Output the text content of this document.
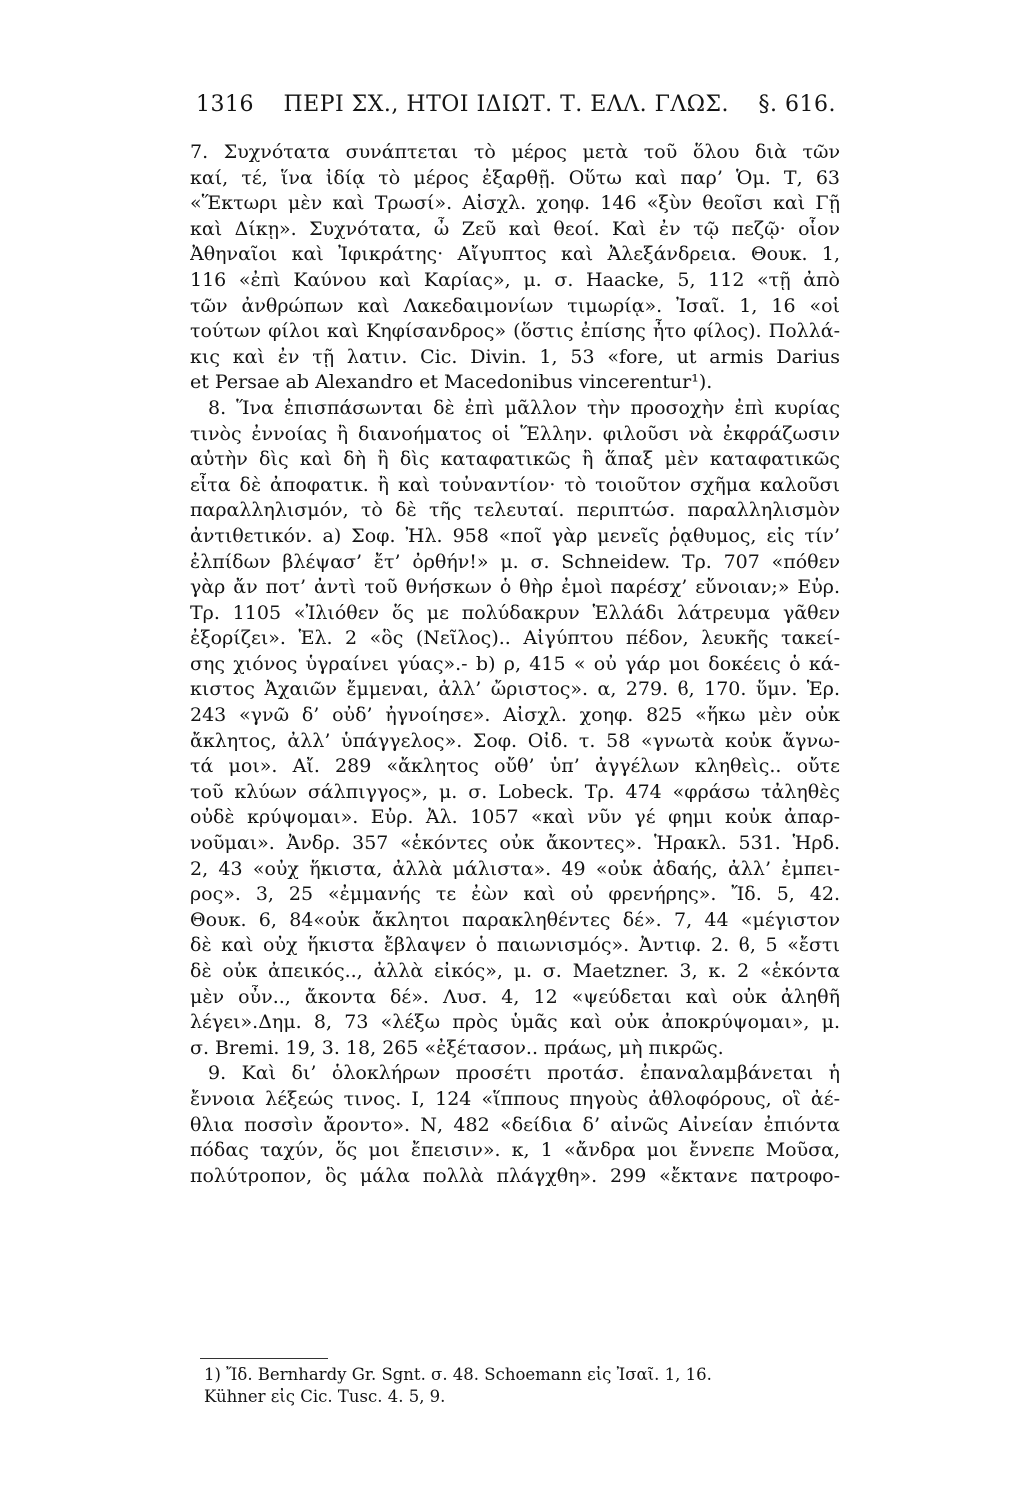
1316 ΠΕΡΙ ΣΧ., ΗΤΟΙ ΙΔΙΩΤ. Τ. ΕΛΛ. ΓΛΩΣ. §. 616.
7. Συχνότατα συνάπτεται τὸ μέρος μετὰ τοῦ ὅλου διὰ τῶν
καί, τέ, ἵνα ἰδίᾳ τὸ μέρος ἐξαρθῇ. Οὕτω καὶ παρ’ Ὁμ. Τ, 63
«Ἕκτωρι μὲν καὶ Τρωσί». Αἰσχλ. χοηφ. 146 «ξὺν θεοῖσι καὶ Γῇ
καὶ Δίκῃ». Συχνότατα, ὦ Ζεῦ καὶ θεοί. Καὶ ἐν τῷ πεζῷ· οἷον
Ἀθηναῖοι καὶ Ἰφικράτης· Αἴγυπτος καὶ Ἀλεξάνδρεια. Θουκ. 1,
116 «ἐπὶ Καύνου καὶ Καρίας», μ. σ. Haacke, 5, 112 «τῇ ἀπὸ
τῶν ἀνθρώπων καὶ Λακεδαιμονίων τιμωρίᾳ». Ἰσαῖ. 1, 16 «οἱ
τούτων φίλοι καὶ Κηφίσανδρος» (ὅστις ἐπίσης ἦτο φίλος). Πολλά-
κις καὶ ἐν τῇ λατιν. Cic. Divin. 1, 53 «fore, ut armis Darius
et Persae ab Alexandro et Macedonibus vincerentur¹).
8. Ἵνα ἐπισπάσωνται δὲ ἐπὶ μᾶλλον τὴν προσοχὴν ἐπὶ κυρίας
τινὸς ἐννοίας ἢ διανοήματος οἱ Ἕλλην. φιλοῦσι νὰ ἐκφράζωσιν
αὐτὴν δὶς καὶ δὴ ἢ δὶς καταφατικῶς ἢ ἅπαξ μὲν καταφατικῶς
εἶτα δὲ ἀποφατικ. ἢ καὶ τοὐναντίον· τὸ τοιοῦτον σχῆμα καλοῦσι
παραλληλισμόν, τὸ δὲ τῆς τελευταί. περιπτώσ. παραλληλισμὸν
ἀντιθετικόν. a) Σοφ. Ἠλ. 958 «ποῖ γὰρ μενεῖς ῥᾳθυμος, εἰς τίν’
ἐλπίδων βλέψασ’ ἔτ’ ὀρθήν!» μ. σ. Schneidew. Τρ. 707 «πόθεν
γὰρ ἄν ποτ’ ἀντὶ τοῦ θνήσκων ὁ θὴρ ἐμοὶ παρέσχ’ εὔνοιαν;» Εὐρ.
Τρ. 1105 «Ἰλιόθεν ὅς με πολύδακρυν Ἑλλάδι λάτρευμα γᾶθεν
ἐξορίζει». Ἑλ. 2 «ὃς (Νεῖλος).. Αἰγύπτου πέδον, λευκῆς τακεί-
σης χιόνος ὑγραίνει γύας».- b) ρ, 415 « οὐ γάρ μοι δοκέεις ὁ κά-
κιστος Ἀχαιῶν ἔμμεναι, ἀλλ’ ὤριστος». α, 279. ϐ, 170. ὕμν. Ἑρ.
243 «γνῶ δ’ οὐδ’ ἠγνοίησε». Αἰσχλ. χοηφ. 825 «ἥκω μὲν οὐκ
ἄκλητος, ἀλλ’ ὑπάγγελος». Σοφ. Οἰδ. τ. 58 «γνωτὰ κοὐκ ἄγνω-
τά μοι». Αἴ. 289 «ἄκλητος οὔθ’ ὑπ’ ἀγγέλων κληθεὶς.. οὔτε
τοῦ κλύων σάλπιγγος», μ. σ. Lobeck. Τρ. 474 «φράσω τἀληθὲς
οὐδὲ κρύψομαι». Εὐρ. Ἀλ. 1057 «καὶ νῦν γέ φημι κοὐκ ἀπαρ-
νοῦμαι». Ἀνδρ. 357 «ἑκόντες οὐκ ἄκοντες». Ἡρακλ. 531. Ἡρδ.
2, 43 «οὐχ ἥκιστα, ἀλλὰ μάλιστα». 49 «οὐκ ἀδαής, ἀλλ’ ἐμπει-
ρος». 3, 25 «ἐμμανής τε ἐὼν καὶ οὐ φρενήρης». Ἴδ. 5, 42.
Θουκ. 6, 84«οὐκ ἄκλητοι παρακληθέντες δέ». 7, 44 «μέγιστον
δὲ καὶ οὐχ ἥκιστα ἔβλαψεν ὁ παιωνισμός». Ἀντιφ. 2. ϐ, 5 «ἔστι
δὲ οὐκ ἀπεικός.., ἀλλὰ εἰκός», μ. σ. Maetzner. 3, κ. 2 «ἑκόντα
μὲν οὖν.., ἄκοντα δέ». Λυσ. 4, 12 «ψεύδεται καὶ οὐκ ἀληθῆ
λέγει».Δημ. 8, 73 «λέξω πρὸς ὑμᾶς καὶ οὐκ ἀποκρύψομαι», μ.
σ. Bremi. 19, 3. 18, 265 «ἐξέτασον.. πράως, μὴ πικρῶς.
9. Καὶ δι’ ὁλοκλήρων προσέτι προτάσ. ἐπαναλαμβάνεται ἡ
ἔννοια λέξεώς τινος. Ι, 124 «ἵππους πηγοὺς ἀθλοφόρους, οἳ ἀέ-
θλια ποσσὶν ἄροντο». Ν, 482 «δείδια δ’ αἰνῶς Αἰνείαν ἐπιόντα
πόδας ταχύν, ὅς μοι ἔπεισιν». κ, 1 «ἄνδρα μοι ἔννεπε Μοῦσα,
πολύτροπον, ὃς μάλα πολλὰ πλάγχθη». 299 «ἔκτανε πατροφο-
1) Ἴδ. Bernhardy Gr. Sgnt. σ. 48. Schoemann εἰς Ἰσαῖ. 1, 16.
Kühner εἰς Cic. Tusc. 4. 5, 9.
